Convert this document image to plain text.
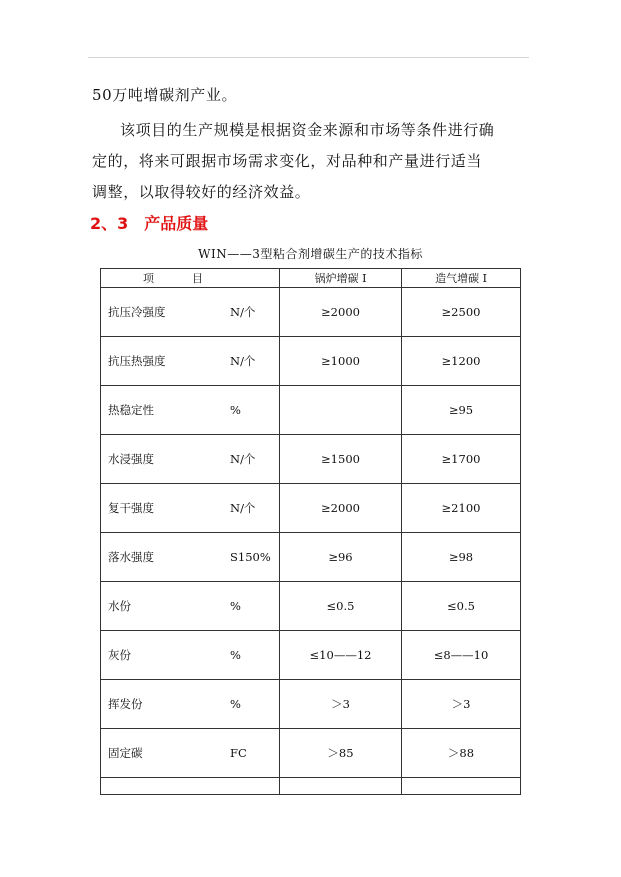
50万吨增碳剂产业。
该项目的生产规模是根据资金来源和市场等条件进行确
定的，将来可跟据市场需求变化，对品种和产量进行适当
调整，以取得较好的经济效益。
2、3 产品质量
WIN——3型粘合剂增碳生产的技术指标
项 目	锅炉增碳 I	造气增碳 I
抗压冷强度 N/个	≥2000	≥2500
抗压热强度 N/个	≥1000	≥1200
热稳定性 %		≥95
水浸强度 N/个	≥1500	≥1700
复干强度 N/个	≥2000	≥2100
落水强度 S150%	≥96	≥98
水份 %	≤0.5	≤0.5
灰份 %	≤10——12	≤8——10
挥发份 %	＞3	＞3
固定碳 FC	＞85	＞88
